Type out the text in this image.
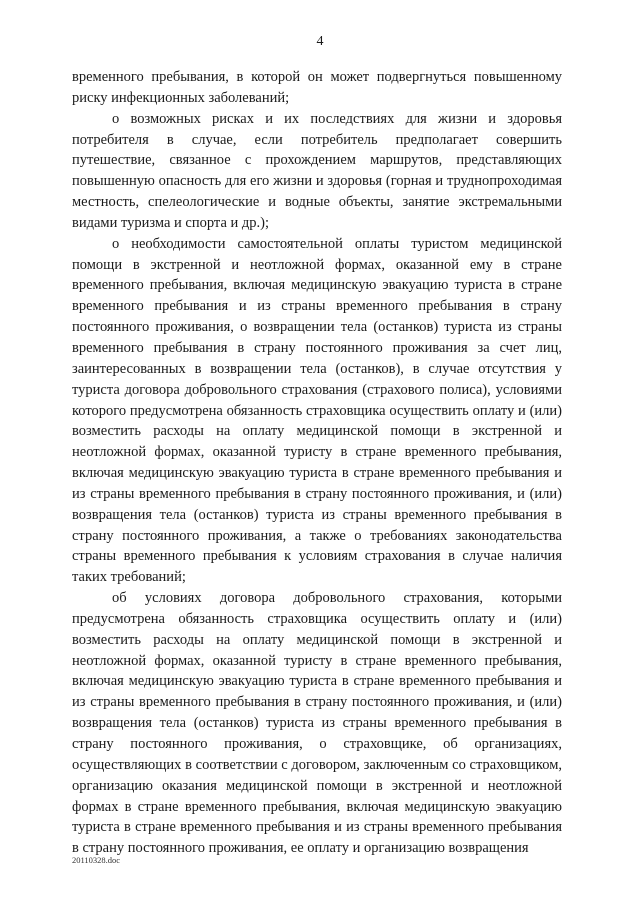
4

временного пребывания, в которой он может подвергнуться повышенному риску инфекционных заболеваний;

о возможных рисках и их последствиях для жизни и здоровья потребителя в случае, если потребитель предполагает совершить путешествие, связанное с прохождением маршрутов, представляющих повышенную опасность для его жизни и здоровья (горная и труднопроходимая местность, спелеологические и водные объекты, занятие экстремальными видами туризма и спорта и др.);

о необходимости самостоятельной оплаты туристом медицинской помощи в экстренной и неотложной формах, оказанной ему в стране временного пребывания, включая медицинскую эвакуацию туриста в стране временного пребывания и из страны временного пребывания в страну постоянного проживания, о возвращении тела (останков) туриста из страны временного пребывания в страну постоянного проживания за счет лиц, заинтересованных в возвращении тела (останков), в случае отсутствия у туриста договора добровольного страхования (страхового полиса), условиями которого предусмотрена обязанность страховщика осуществить оплату и (или) возместить расходы на оплату медицинской помощи в экстренной и неотложной формах, оказанной туристу в стране временного пребывания, включая медицинскую эвакуацию туриста в стране временного пребывания и из страны временного пребывания в страну постоянного проживания, и (или) возвращения тела (останков) туриста из страны временного пребывания в страну постоянного проживания, а также о требованиях законодательства страны временного пребывания к условиям страхования в случае наличия таких требований;

об условиях договора добровольного страхования, которыми предусмотрена обязанность страховщика осуществить оплату и (или) возместить расходы на оплату медицинской помощи в экстренной и неотложной формах, оказанной туристу в стране временного пребывания, включая медицинскую эвакуацию туриста в стране временного пребывания и из страны временного пребывания в страну постоянного проживания, и (или) возвращения тела (останков) туриста из страны временного пребывания в страну постоянного проживания, о страховщике, об организациях, осуществляющих в соответствии с договором, заключенным со страховщиком, организацию оказания медицинской помощи в экстренной и неотложной формах в стране временного пребывания, включая медицинскую эвакуацию туриста в стране временного пребывания и из страны временного пребывания в страну постоянного проживания, ее оплату и организацию возвращения

20110328.doc
